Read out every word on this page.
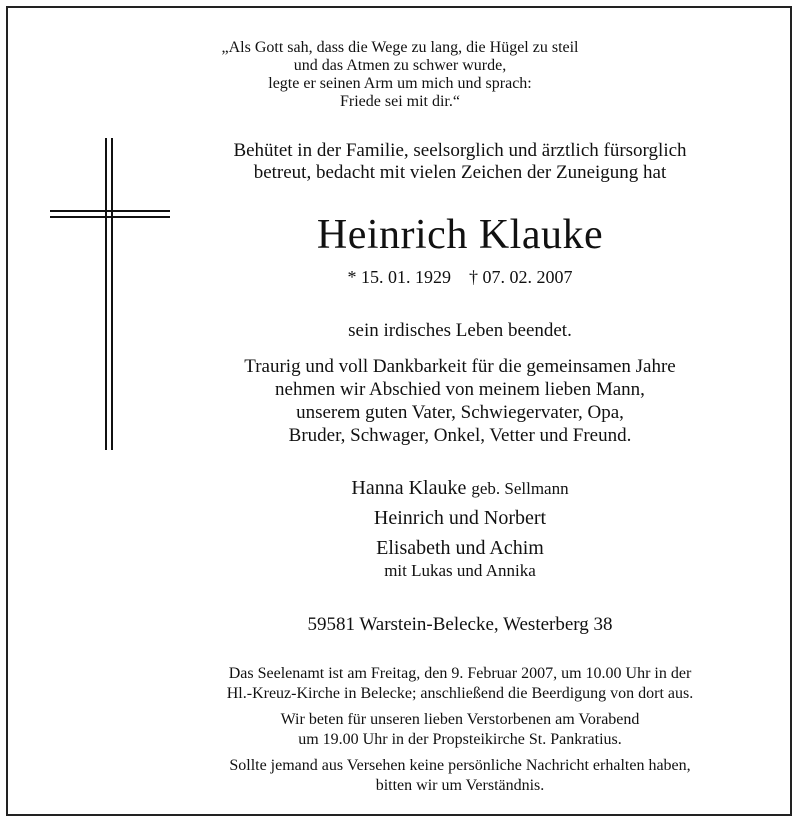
„Als Gott sah, dass die Wege zu lang, die Hügel zu steil
und das Atmen zu schwer wurde,
legte er seinen Arm um mich und sprach:
Friede sei mit dir.“
Behütet in der Familie, seelsorglich und ärztlich fürsorglich
betreut, bedacht mit vielen Zeichen der Zuneigung hat
Heinrich Klauke
* 15. 01. 1929 † 07. 02. 2007
sein irdisches Leben beendet.
Traurig und voll Dankbarkeit für die gemeinsamen Jahre
nehmen wir Abschied von meinem lieben Mann,
unserem guten Vater, Schwiegervater, Opa,
Bruder, Schwager, Onkel, Vetter und Freund.
Hanna Klauke geb. Sellmann
Heinrich und Norbert
Elisabeth und Achim
mit Lukas und Annika
59581 Warstein-Belecke, Westerberg 38
Das Seelenamt ist am Freitag, den 9. Februar 2007, um 10.00 Uhr in der
Hl.-Kreuz-Kirche in Belecke; anschließend die Beerdigung von dort aus.
Wir beten für unseren lieben Verstorbenen am Vorabend
um 19.00 Uhr in der Propsteikirche St. Pankratius.
Sollte jemand aus Versehen keine persönliche Nachricht erhalten haben,
bitten wir um Verständnis.
